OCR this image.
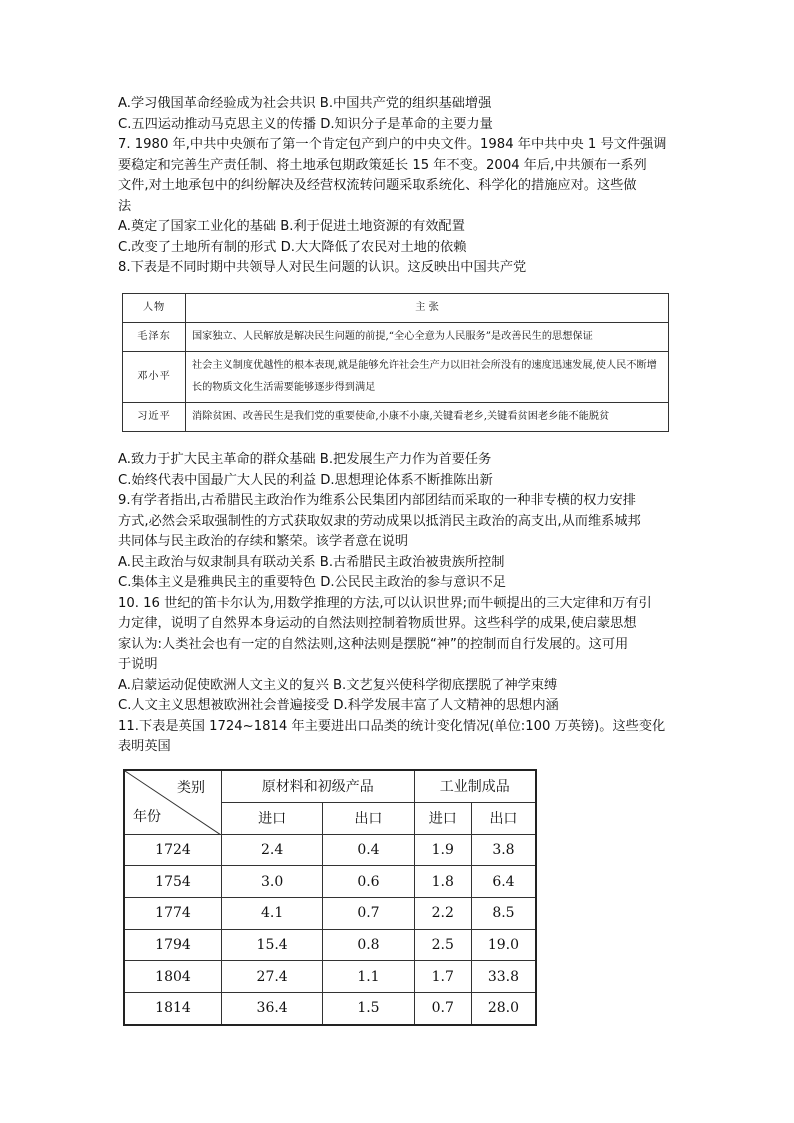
A.学习俄国革命经验成为社会共识 B.中国共产党的组织基础增强
C.五四运动推动马克思主义的传播 D.知识分子是革命的主要力量
7. 1980 年,中共中央颁布了第一个肯定包产到户的中央文件。1984 年中共中央 1 号文件强调
要稳定和完善生产责任制、将土地承包期政策延长 15 年不变。2004 年后,中共颁布一系列
文件,对土地承包中的纠纷解决及经营权流转问题采取系统化、科学化的措施应对。这些做
法
A.奠定了国家工业化的基础 B.利于促进土地资源的有效配置
C.改变了土地所有制的形式 D.大大降低了农民对土地的依赖
8.下表是不同时期中共领导人对民生问题的认识。这反映出中国共产党
人物	主 张
毛泽东	国家独立、人民解放是解决民生问题的前提,“全心全意为人民服务”是改善民生的思想保证
邓小平	社会主义制度优越性的根本表现,就是能够允许社会生产力以旧社会所没有的速度迅速发展,使人民不断增长的物质文化生活需要能够逐步得到满足
习近平	消除贫困、改善民生是我们党的重要使命,小康不小康,关键看老乡,关键看贫困老乡能不能脱贫
A.致力于扩大民主革命的群众基础 B.把发展生产力作为首要任务
C.始终代表中国最广大人民的利益 D.思想理论体系不断推陈出新
9.有学者指出,古希腊民主政治作为维系公民集团内部团结而采取的一种非专横的权力安排
方式,必然会采取强制性的方式获取奴隶的劳动成果以抵消民主政治的高支出,从而维系城邦
共同体与民主政治的存续和繁荣。该学者意在说明
A.民主政治与奴隶制具有联动关系 B.古希腊民主政治被贵族所控制
C.集体主义是雅典民主的重要特色 D.公民民主政治的参与意识不足
10. 16 世纪的笛卡尔认为,用数学推理的方法,可以认识世界;而牛顿提出的三大定律和万有引
力定律，说明了自然界本身运动的自然法则控制着物质世界。这些科学的成果,使启蒙思想
家认为:人类社会也有一定的自然法则,这种法则是摆脱“神”的控制而自行发展的。这可用
于说明
A.启蒙运动促使欧洲人文主义的复兴 B.文艺复兴使科学彻底摆脱了神学束缚
C.人文主义思想被欧洲社会普遍接受 D.科学发展丰富了人文精神的思想内涵
11.下表是英国 1724~1814 年主要进出口品类的统计变化情况(单位:100 万英镑)。这些变化
表明英国
类别
年份	原材料和初级产品		工业制成品	
	进口	出口	进口	出口
1724	2.4	0.4	1.9	3.8
1754	3.0	0.6	1.8	6.4
1774	4.1	0.7	2.2	8.5
1794	15.4	0.8	2.5	19.0
1804	27.4	1.1	1.7	33.8
1814	36.4	1.5	0.7	28.0
